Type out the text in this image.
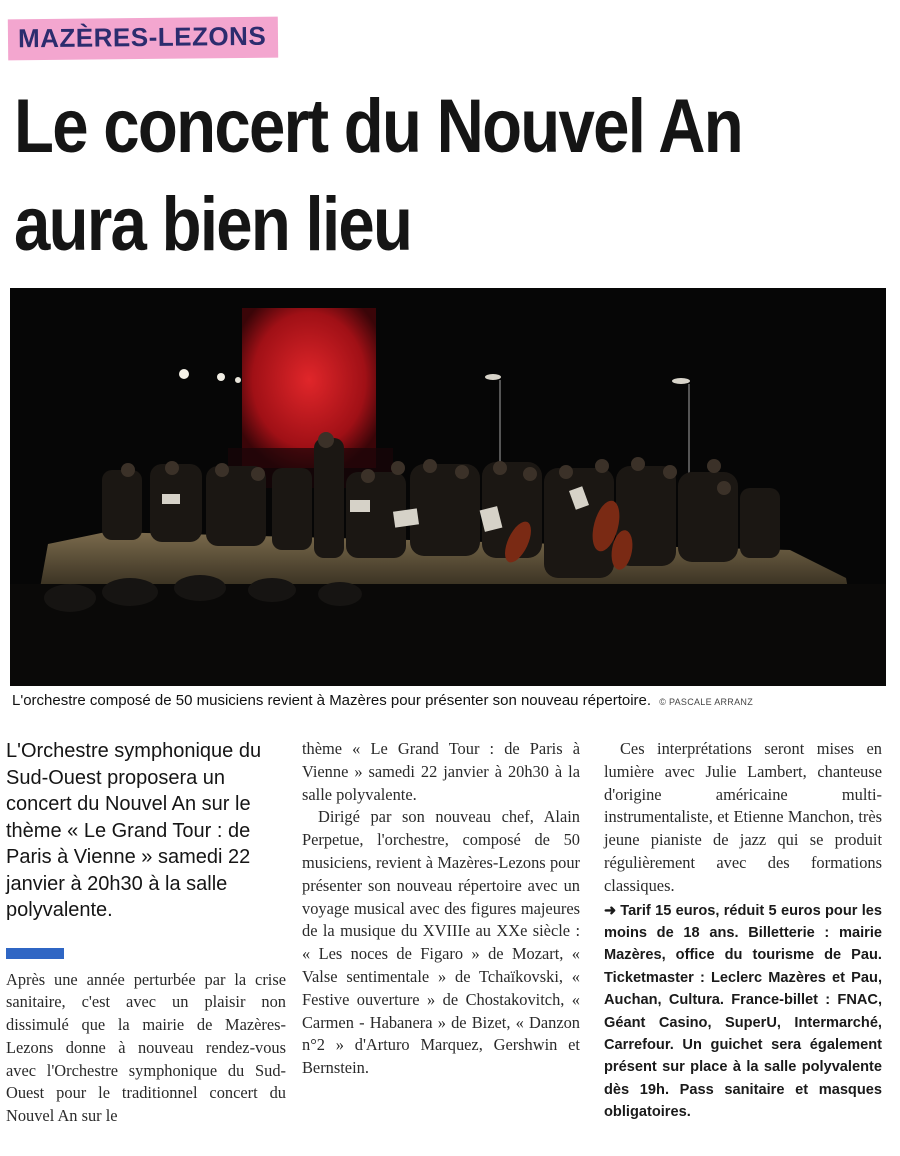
MAZÈRES-LEZONS
Le concert du Nouvel An aura bien lieu
L'orchestre composé de 50 musiciens revient à Mazères pour présenter son nouveau répertoire. © PASCALE ARRANZ

L'Orchestre symphonique du Sud-Ouest proposera un concert du Nouvel An sur le thème « Le Grand Tour : de Paris à Vienne » samedi 22 janvier à 20h30 à la salle polyvalente.

Après une année perturbée par la crise sanitaire, c'est avec un plaisir non dissimulé que la mairie de Mazères-Lezons donne à nouveau rendez-vous avec l'Orchestre symphonique du Sud-Ouest pour le traditionnel concert du Nouvel An sur le

thème « Le Grand Tour : de Paris à Vienne » samedi 22 janvier à 20h30 à la salle polyvalente.

Dirigé par son nouveau chef, Alain Perpetue, l'orchestre, composé de 50 musiciens, revient à Mazères-Lezons pour présenter son nouveau répertoire avec un voyage musical avec des figures majeures de la musique du XVIIIe au XXe siècle : « Les noces de Figaro » de Mozart, « Valse sentimentale » de Tchaïkovski, « Festive ouverture » de Chostakovitch, « Carmen - Habanera » de Bizet, « Danzon n°2 » d'Arturo Marquez, Gershwin et Bernstein.

Ces interprétations seront mises en lumière avec Julie Lambert, chanteuse d'origine américaine multi-instrumentaliste, et Etienne Manchon, très jeune pianiste de jazz qui se produit régulièrement avec des formations classiques.

➜ Tarif 15 euros, réduit 5 euros pour les moins de 18 ans. Billetterie : mairie Mazères, office du tourisme de Pau. Ticketmaster : Leclerc Mazères et Pau, Auchan, Cultura. France-billet : FNAC, Géant Casino, SuperU, Intermarché, Carrefour. Un guichet sera également présent sur place à la salle polyvalente dès 19h. Pass sanitaire et masques obligatoires.
